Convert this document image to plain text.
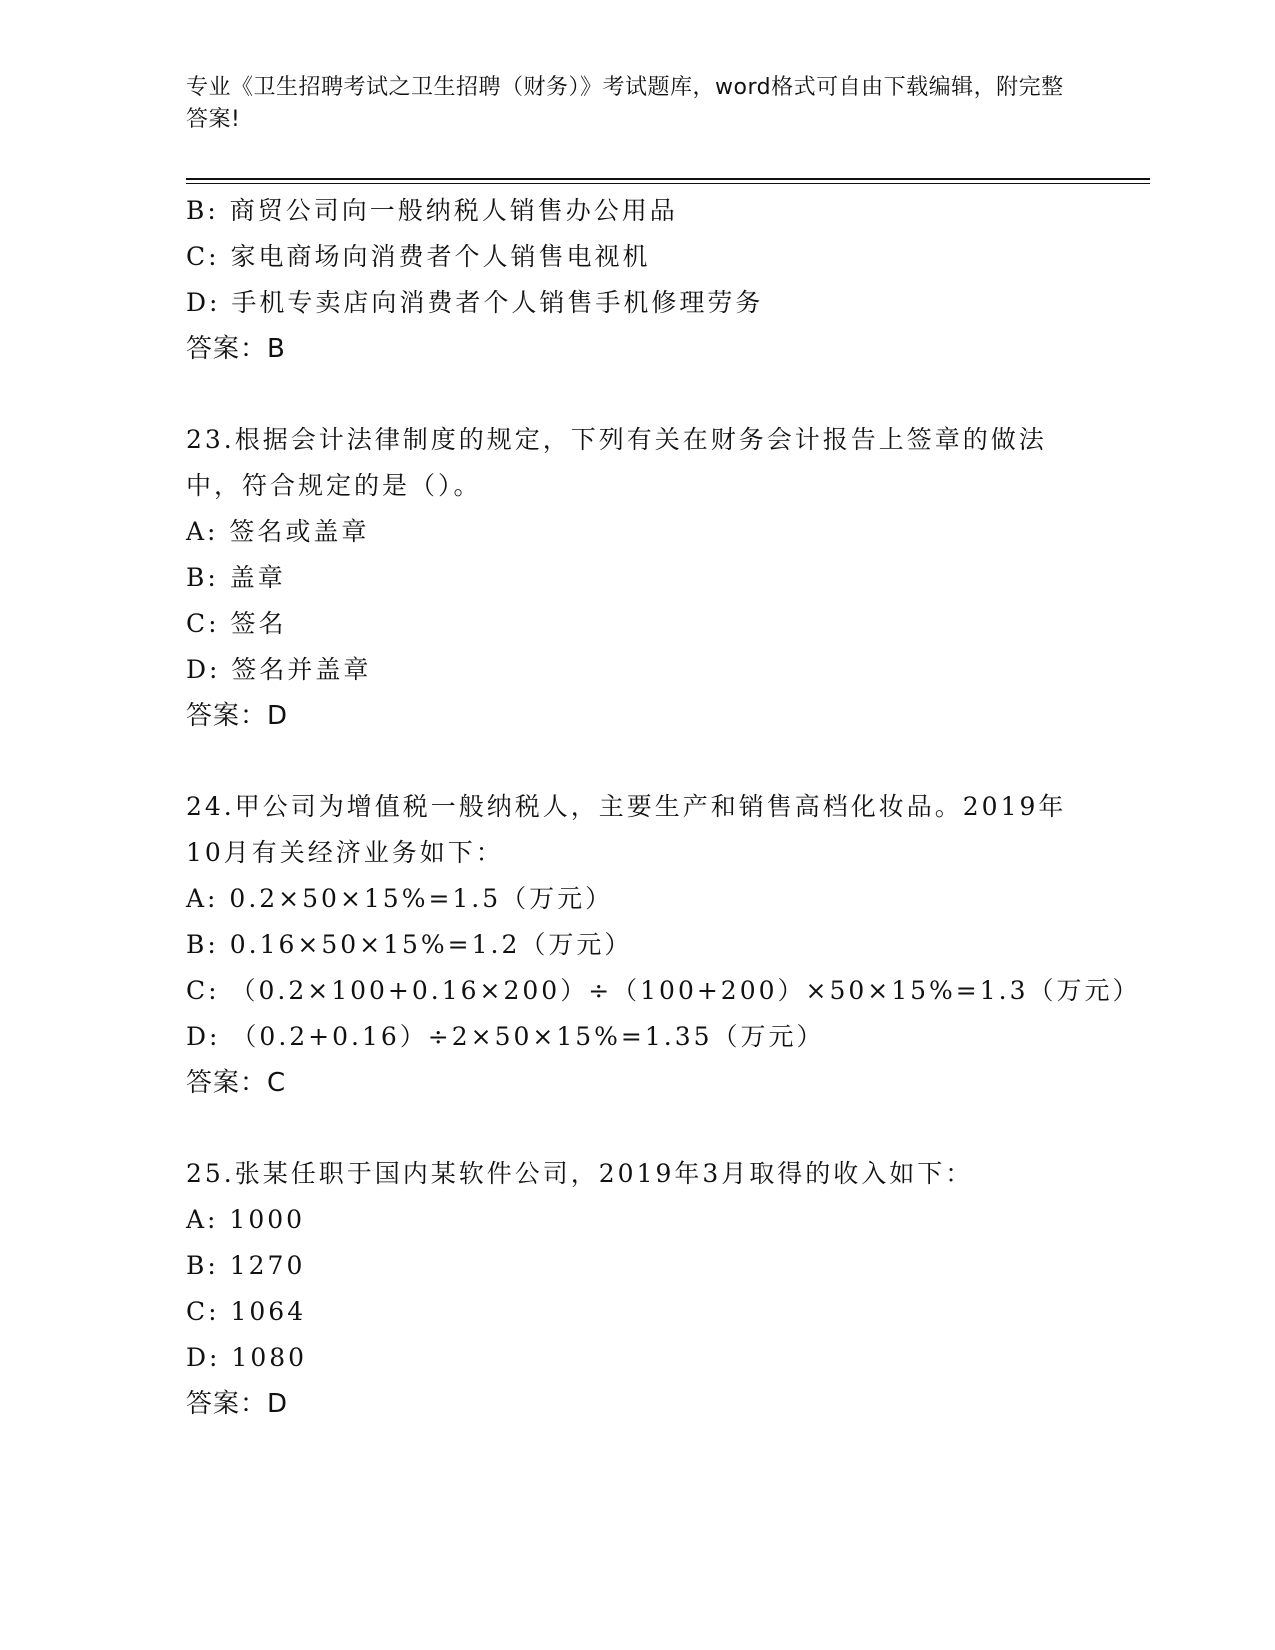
专业《卫生招聘考试之卫生招聘（财务）》考试题库，word格式可自由下载编辑，附完整答案!
B: 商贸公司向一般纳税人销售办公用品
C: 家电商场向消费者个人销售电视机
D: 手机专卖店向消费者个人销售手机修理劳务
答案：B
23.根据会计法律制度的规定，下列有关在财务会计报告上签章的做法中，符合规定的是（）。
A: 签名或盖章
B: 盖章
C: 签名
D: 签名并盖章
答案：D
24.甲公司为增值税一般纳税人，主要生产和销售高档化妆品。2019年10月有关经济业务如下：
A: 0.2×50×15%=1.5（万元）
B: 0.16×50×15%=1.2（万元）
C: （0.2×100+0.16×200）÷（100+200）×50×15%=1.3（万元）
D: （0.2+0.16）÷2×50×15%=1.35（万元）
答案：C
25.张某任职于国内某软件公司，2019年3月取得的收入如下：
A: 1000
B: 1270
C: 1064
D: 1080
答案：D
